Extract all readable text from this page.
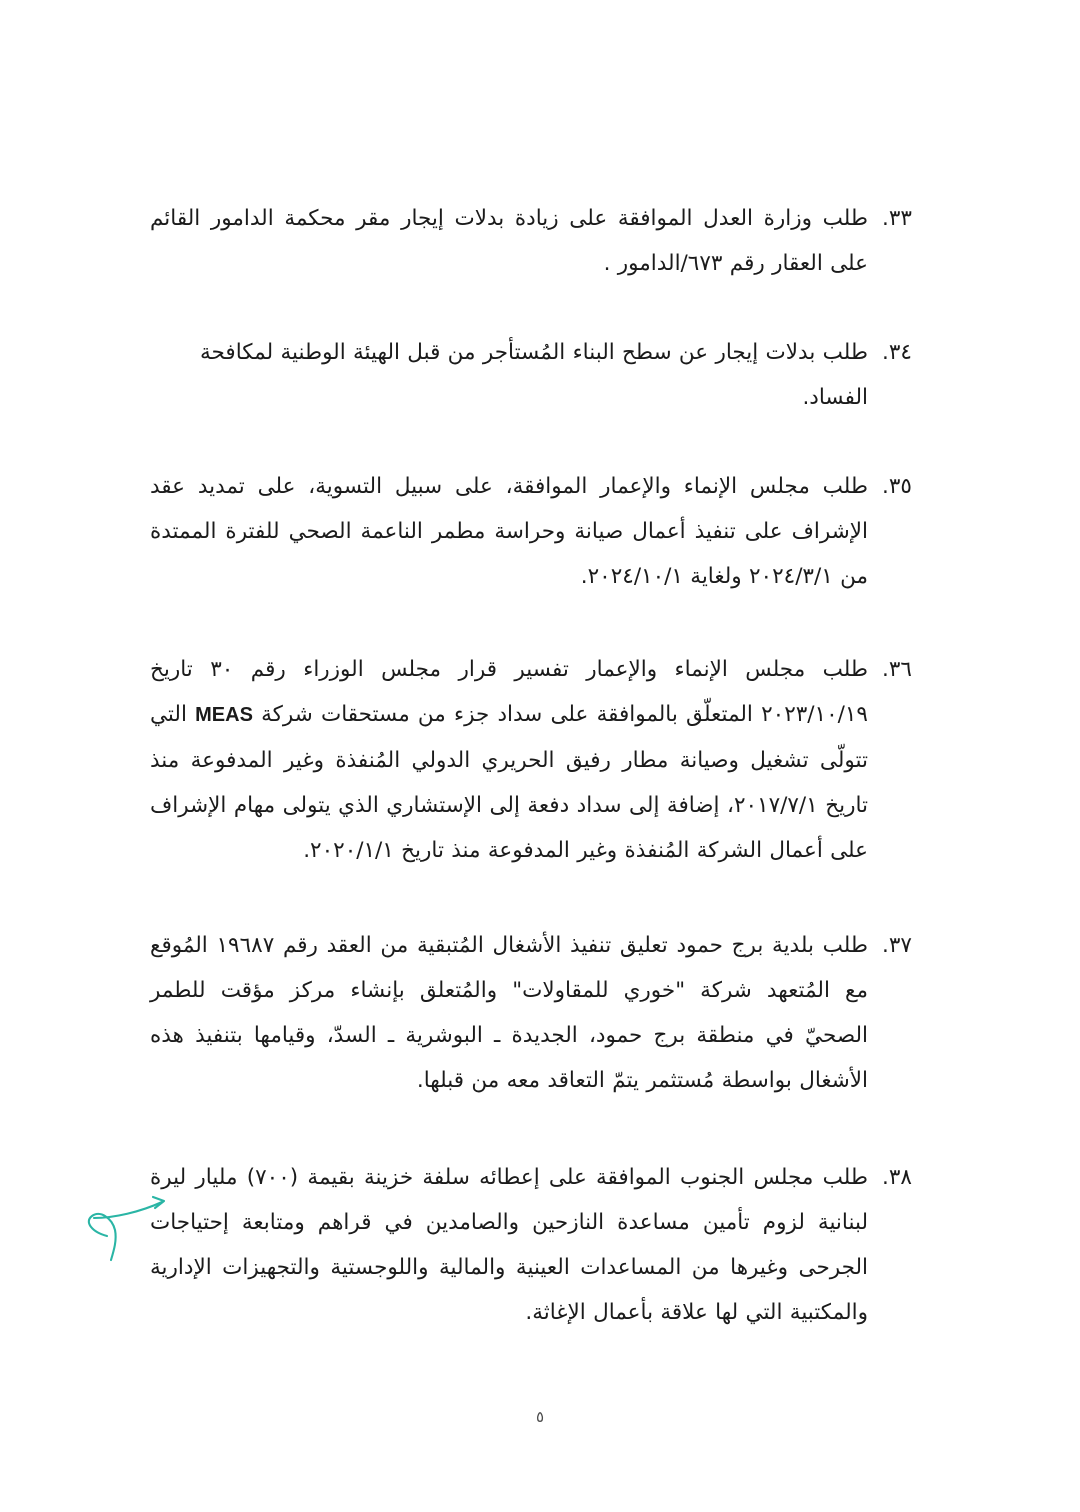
٣٣.
طلب وزارة العدل الموافقة على زيادة بدلات إيجار مقر محكمة الدامور القائم على العقار رقم ٦٧٣/الدامور .
٣٤.
طلب بدلات إيجار عن سطح البناء المُستأجر من قبل الهيئة الوطنية لمكافحة الفساد.
٣٥.
طلب مجلس الإنماء والإعمار الموافقة، على سبيل التسوية، على تمديد عقد الإشراف على تنفيذ أعمال صيانة وحراسة مطمر الناعمة الصحي للفترة الممتدة من ٢٠٢٤/٣/١ ولغاية ٢٠٢٤/١٠/١.
٣٦.
طلب مجلس الإنماء والإعمار تفسير قرار مجلس الوزراء رقم ٣٠ تاريخ ٢٠٢٣/١٠/١٩ المتعلّق بالموافقة على سداد جزء من مستحقات شركة MEAS التي تتولّى تشغيل وصيانة مطار رفيق الحريري الدولي المُنفذة وغير المدفوعة منذ تاريخ ٢٠١٧/٧/١، إضافة إلى سداد دفعة إلى الإستشاري الذي يتولى مهام الإشراف على أعمال الشركة المُنفذة وغير المدفوعة منذ تاريخ ٢٠٢٠/١/١.
٣٧.
طلب بلدية برج حمود تعليق تنفيذ الأشغال المُتبقية من العقد رقم ١٩٦٨٧ المُوقع مع المُتعهد شركة "خوري للمقاولات" والمُتعلق بإنشاء مركز مؤقت للطمر الصحيّ في منطقة برج حمود، الجديدة ـ البوشرية ـ السدّ، وقيامها بتنفيذ هذه الأشغال بواسطة مُستثمر يتمّ التعاقد معه من قبلها.
٣٨.
طلب مجلس الجنوب الموافقة على إعطائه سلفة خزينة بقيمة (٧٠٠) مليار ليرة لبنانية لزوم تأمين مساعدة النازحين والصامدين في قراهم ومتابعة إحتياجات الجرحى وغيرها من المساعدات العينية والمالية واللوجستية والتجهيزات الإدارية والمكتبية التي لها علاقة بأعمال الإغاثة.
٥
